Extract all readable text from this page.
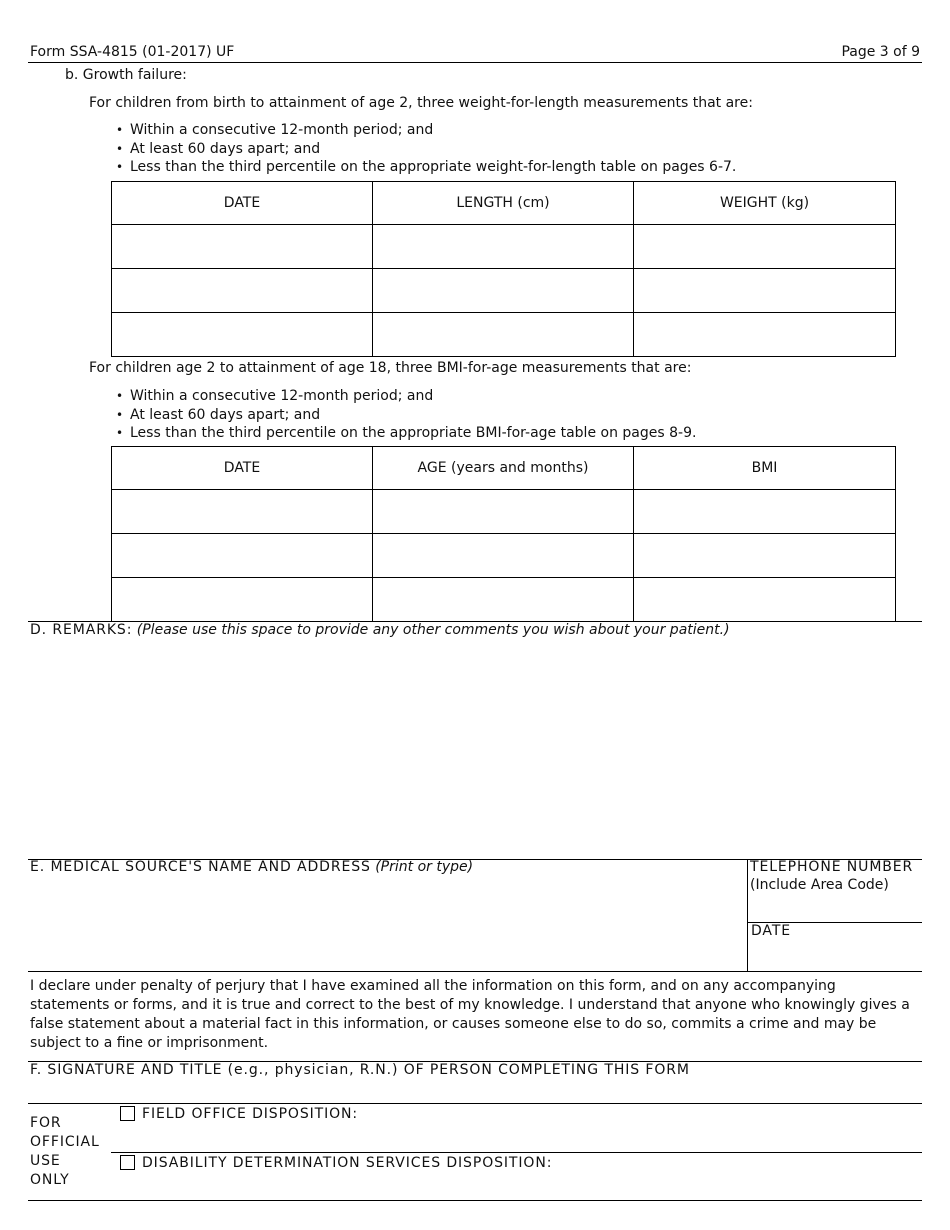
Form SSA-4815 (01-2017) UF	Page 3 of 9
b. Growth failure:
For children from birth to attainment of age 2, three weight-for-length measurements that are:
• Within a consecutive 12-month period; and
• At least 60 days apart; and
• Less than the third percentile on the appropriate weight-for-length table on pages 6-7.
DATE	LENGTH (cm)	WEIGHT (kg)

For children age 2 to attainment of age 18, three BMI-for-age measurements that are:
• Within a consecutive 12-month period; and
• At least 60 days apart; and
• Less than the third percentile on the appropriate BMI-for-age table on pages 8-9.
DATE	AGE (years and months)	BMI

D. REMARKS: (Please use this space to provide any other comments you wish about your patient.)
E. MEDICAL SOURCE'S NAME AND ADDRESS (Print or type)	TELEPHONE NUMBER
(Include Area Code)
DATE
I declare under penalty of perjury that I have examined all the information on this form, and on any accompanying statements or forms, and it is true and correct to the best of my knowledge. I understand that anyone who knowingly gives a false statement about a material fact in this information, or causes someone else to do so, commits a crime and may be subject to a fine or imprisonment.
F. SIGNATURE AND TITLE (e.g., physician, R.N.) OF PERSON COMPLETING THIS FORM
FOR
OFFICIAL
USE
ONLY
FIELD OFFICE DISPOSITION:
DISABILITY DETERMINATION SERVICES DISPOSITION:
